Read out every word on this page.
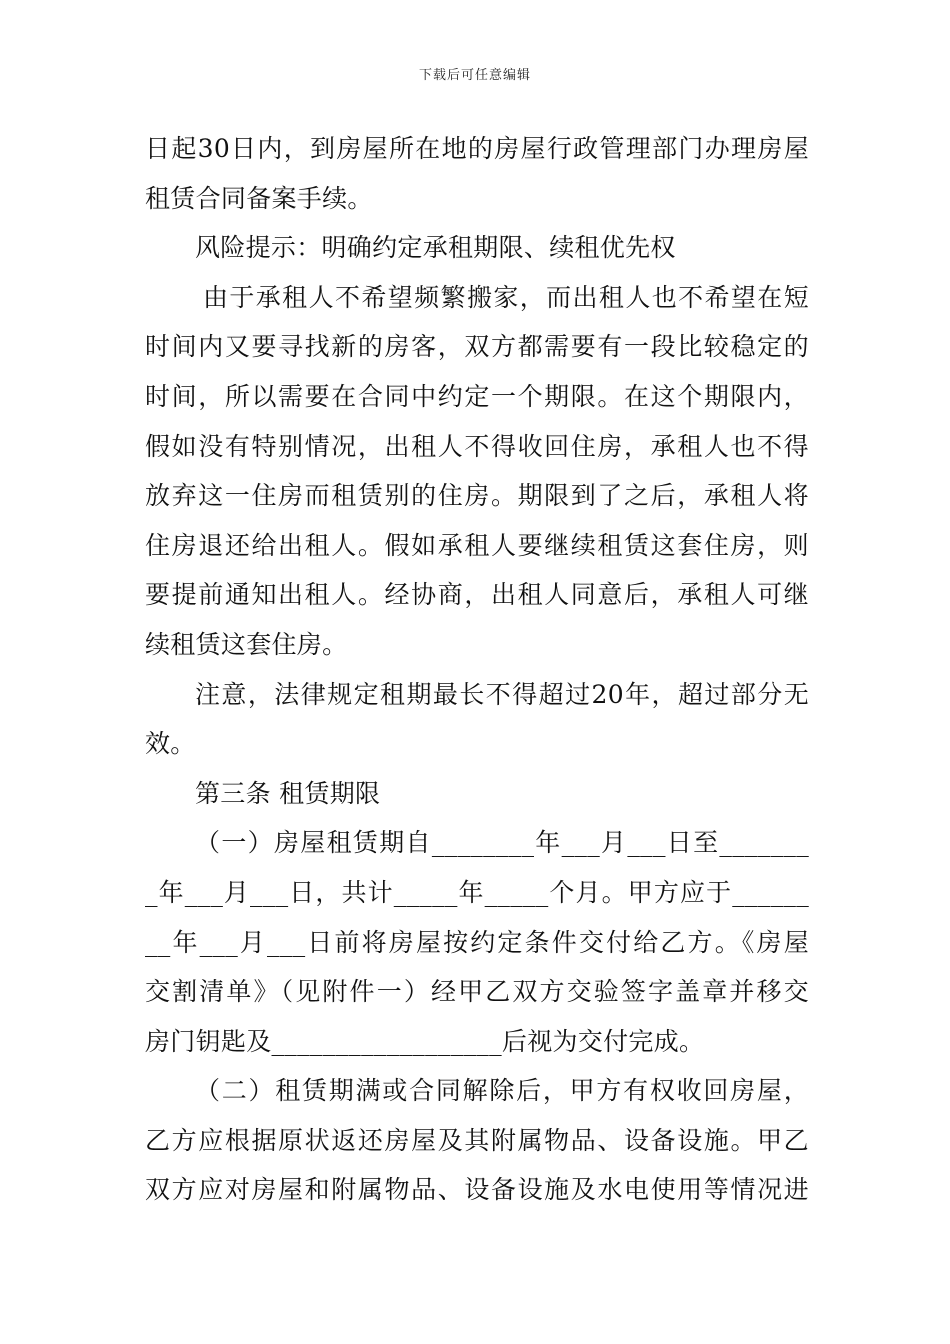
下载后可任意编辑
日起30日内，到房屋所在地的房屋行政管理部门办理房屋
租赁合同备案手续。
风险提示：明确约定承租期限、续租优先权
由于承租人不希望频繁搬家，而出租人也不希望在短
时间内又要寻找新的房客，双方都需要有一段比较稳定的
时间，所以需要在合同中约定一个期限。在这个期限内，
假如没有特别情况，出租人不得收回住房，承租人也不得
放弃这一住房而租赁别的住房。期限到了之后，承租人将
住房退还给出租人。假如承租人要继续租赁这套住房，则
要提前通知出租人。经协商，出租人同意后，承租人可继
续租赁这套住房。
注意，法律规定租期最长不得超过20年，超过部分无
效。
第三条 租赁期限
（一）房屋租赁期自________年___月___日至_______
_年___月___日，共计_____年_____个月。甲方应于______
__年___月___日前将房屋按约定条件交付给乙方。《房屋
交割清单》（见附件一）经甲乙双方交验签字盖章并移交
房门钥匙及__________________后视为交付完成。
（二）租赁期满或合同解除后，甲方有权收回房屋，
乙方应根据原状返还房屋及其附属物品、设备设施。甲乙
双方应对房屋和附属物品、设备设施及水电使用等情况进
